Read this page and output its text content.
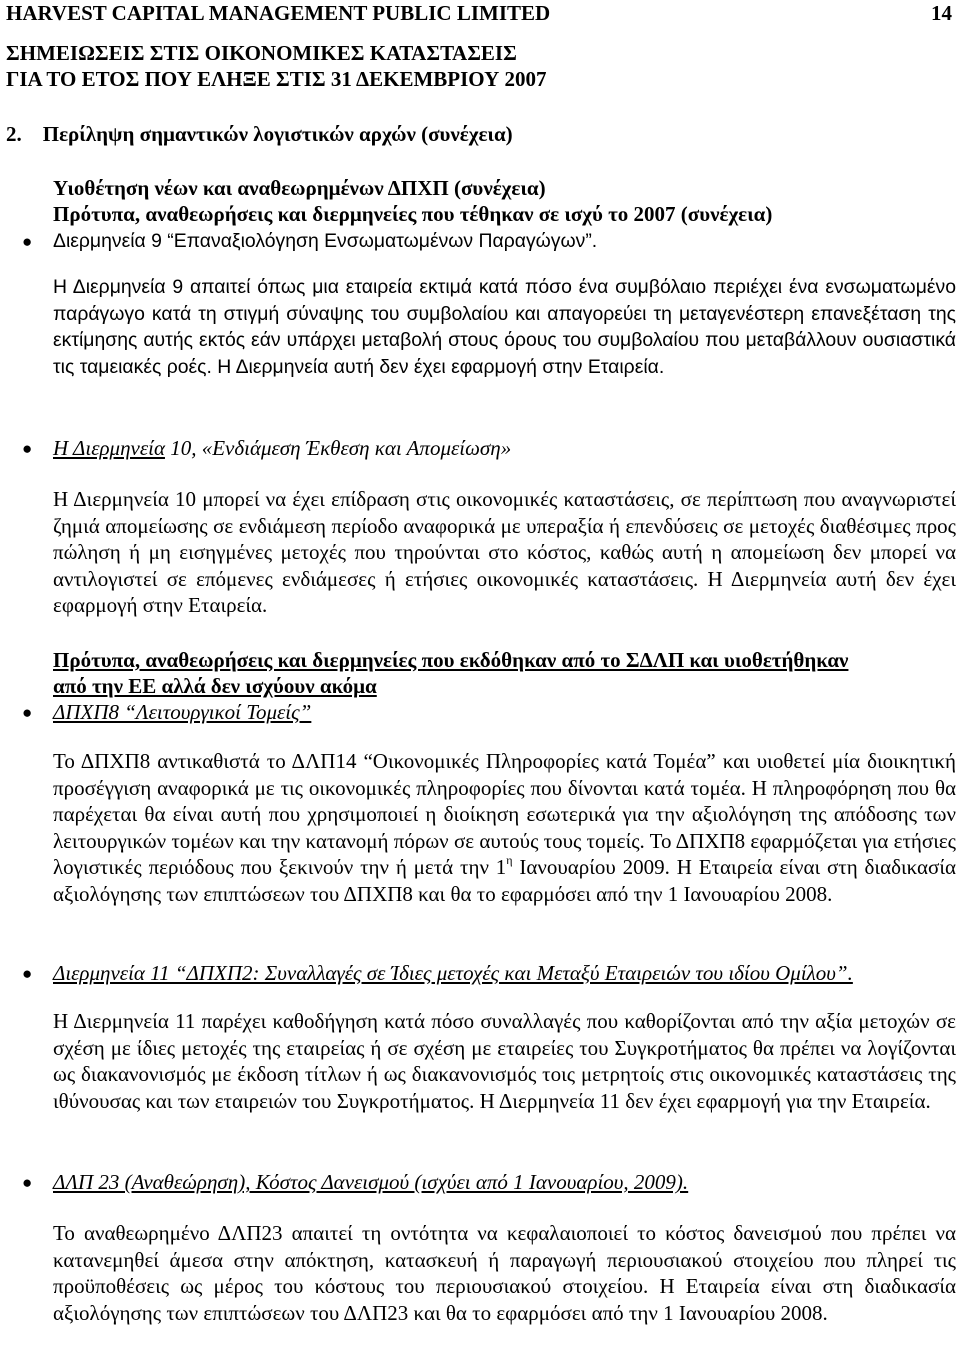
HARVEST CAPITAL MANAGEMENT PUBLIC LIMITED	14
ΣΗΜΕΙΩΣΕΙΣ ΣΤΙΣ ΟΙΚΟΝΟΜΙΚΕΣ ΚΑΤΑΣΤΑΣΕΙΣ
ΓΙΑ ΤΟ ΕΤΟΣ ΠΟΥ ΕΛΗΞΕ ΣΤΙΣ 31 ΔΕΚΕΜΒΡΙΟΥ 2007
2.    Περίληψη σημαντικών λογιστικών αρχών (συνέχεια)
Υιοθέτηση νέων και αναθεωρημένων ΔΠΧΠ (συνέχεια)
Πρότυπα, αναθεωρήσεις και διερμηνείες που τέθηκαν σε ισχύ το 2007 (συνέχεια)
● Διερμηνεία 9 “Επαναξιολόγηση Ενσωματωμένων Παραγώγων”.

Η Διερμηνεία 9 απαιτεί όπως μια εταιρεία εκτιμά κατά πόσο ένα συμβόλαιο περιέχει ένα ενσωματωμένο παράγωγο κατά τη στιγμή σύναψης του συμβολαίου και απαγορεύει τη μεταγενέστερη επανεξέταση της εκτίμησης αυτής εκτός εάν υπάρχει μεταβολή στους όρους του συμβολαίου που μεταβάλλουν ουσιαστικά τις ταμειακές ροές. Η Διερμηνεία αυτή δεν έχει εφαρμογή στην Εταιρεία.

● Η Διερμηνεία 10, «Ενδιάμεση Έκθεση και Απομείωση»

Η Διερμηνεία 10 μπορεί να έχει επίδραση στις οικονομικές καταστάσεις, σε περίπτωση που αναγνωριστεί ζημιά απομείωσης σε ενδιάμεση περίοδο αναφορικά με υπεραξία ή επενδύσεις σε μετοχές διαθέσιμες προς πώληση ή μη εισηγμένες μετοχές που τηρούνται στο κόστος, καθώς αυτή η απομείωση δεν μπορεί να αντιλογιστεί σε επόμενες ενδιάμεσες ή ετήσιες οικονομικές καταστάσεις. Η Διερμηνεία αυτή δεν έχει εφαρμογή στην Εταιρεία.

Πρότυπα, αναθεωρήσεις και διερμηνείες που εκδόθηκαν από το ΣΔΛΠ και υιοθετήθηκαν
από την ΕΕ αλλά δεν ισχύουν ακόμα
● ΔΠΧΠ8 “Λειτουργικοί Τομείς”

Το ΔΠΧΠ8 αντικαθιστά το ΔΛΠ14 “Οικονομικές Πληροφορίες κατά Τομέα” και υιοθετεί μία διοικητική προσέγγιση αναφορικά με τις οικονομικές πληροφορίες που δίνονται κατά τομέα. Η πληροφόρηση που θα παρέχεται θα είναι αυτή που χρησιμοποιεί η διοίκηση εσωτερικά για την αξιολόγηση της απόδοσης των λειτουργικών τομέων και την κατανομή πόρων σε αυτούς τους τομείς. Το ΔΠΧΠ8 εφαρμόζεται για ετήσιες λογιστικές περιόδους που ξεκινούν την ή μετά την $1^\eta$ Ιανουαρίου 2009. Η Εταιρεία είναι στη διαδικασία αξιολόγησης των επιπτώσεων του ΔΠΧΠ8 και θα το εφαρμόσει από την 1 Ιανουαρίου 2008.

● Διερμηνεία 11 “ΔΠΧΠ2: Συναλλαγές σε Ίδιες μετοχές και Μεταξύ Εταιρειών του ιδίου Ομίλου”.

Η Διερμηνεία 11 παρέχει καθοδήγηση κατά πόσο συναλλαγές που καθορίζονται από την αξία μετοχών σε σχέση με ίδιες μετοχές της εταιρείας ή σε σχέση με εταιρείες του Συγκροτήματος θα πρέπει να λογίζονται ως διακανονισμός με έκδοση τίτλων ή ως διακανονισμός τοις μετρητοίς στις οικονομικές καταστάσεις της ιθύνουσας και των εταιρειών του Συγκροτήματος. Η Διερμηνεία 11 δεν έχει εφαρμογή για την Εταιρεία.

● ΔΛΠ 23 (Αναθεώρηση), Κόστος Δανεισμού (ισχύει από 1 Ιανουαρίου, 2009).

Το αναθεωρημένο ΔΛΠ23 απαιτεί τη οντότητα να κεφαλαιοποιεί το κόστος δανεισμού που πρέπει να κατανεμηθεί άμεσα στην απόκτηση, κατασκευή ή παραγωγή περιουσιακού στοιχείου που πληρεί τις προϋποθέσεις ως μέρος του κόστους του περιουσιακού στοιχείου. Η Εταιρεία είναι στη διαδικασία αξιολόγησης των επιπτώσεων του ΔΛΠ23 και θα το εφαρμόσει από την 1 Ιανουαρίου 2008.
